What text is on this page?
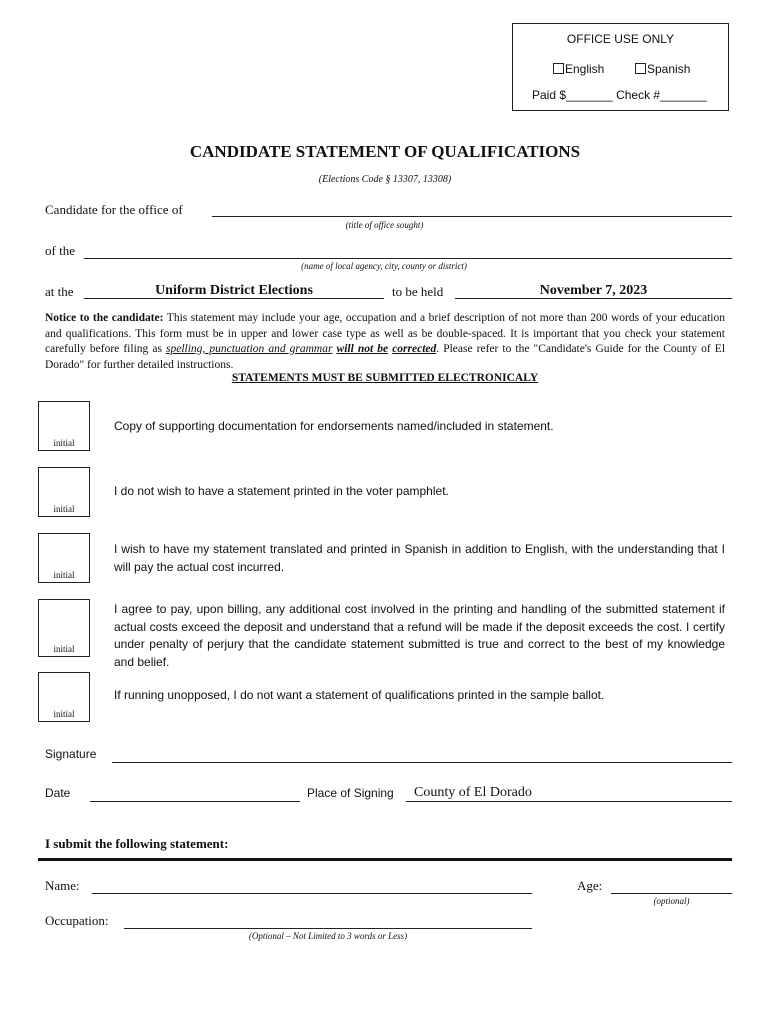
OFFICE USE ONLY
English	Spanish
Paid $_______ Check #_______
CANDIDATE STATEMENT OF QUALIFICATIONS
(Elections Code § 13307, 13308)
Candidate for the office of
(title of office sought)
of the
(name of local agency, city, county or district)
at the	Uniform District Elections	to be held	November 7, 2023
Notice to the candidate: This statement may include your age, occupation and a brief description of not more than 200 words of your education and qualifications. This form must be in upper and lower case type as well as be double-spaced. It is important that you check your statement carefully before filing as spelling, punctuation and grammar will not be corrected. Please refer to the "Candidate's Guide for the County of El Dorado" for further detailed instructions.
STATEMENTS MUST BE SUBMITTED ELECTRONICALY
initial
Copy of supporting documentation for endorsements named/included in statement.
initial
I do not wish to have a statement printed in the voter pamphlet.
initial
I wish to have my statement translated and printed in Spanish in addition to English, with the understanding that I will pay the actual cost incurred.
initial
I agree to pay, upon billing, any additional cost involved in the printing and handling of the submitted statement if actual costs exceed the deposit and understand that a refund will be made if the deposit exceeds the cost. I certify under penalty of perjury that the candidate statement submitted is true and correct to the best of my knowledge and belief.
initial
If running unopposed, I do not want a statement of qualifications printed in the sample ballot.
Signature
Date	Place of Signing County of El Dorado
I submit the following statement:
Name:	Age:
(optional)
Occupation:
(Optional – Not Limited to 3 words or Less)
